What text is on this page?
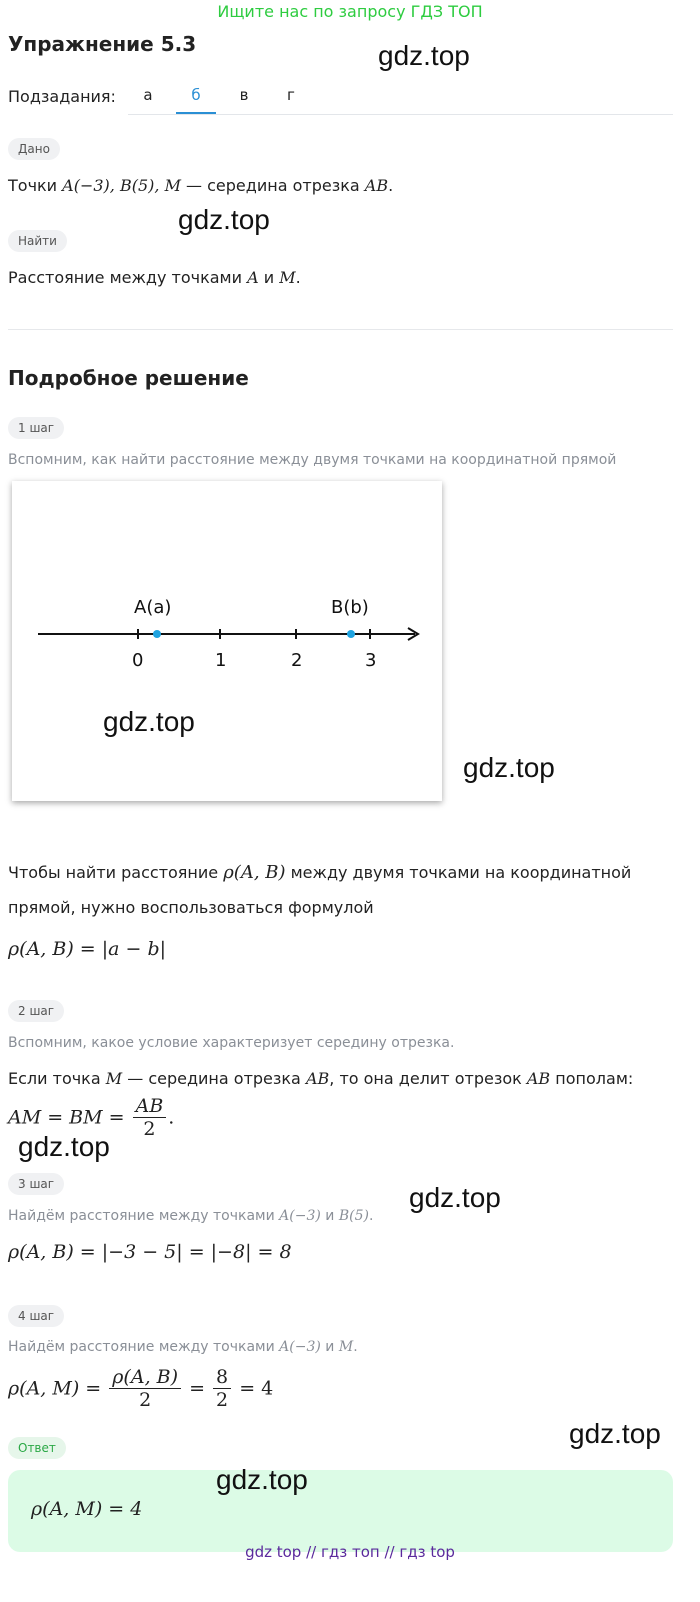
Ищите нас по запросу ГДЗ ТОП
Упражнение 5.3	gdz.top
Подзадания:	а	б	в	г
Дано
Точки A(−3), B(5), M — середина отрезка AB.
gdz.top
Найти
Расстояние между точками A и M.
Подробное решение
1 шаг
Вспомним, как найти расстояние между двумя точками на координатной прямой
A(a)	B(b)
0	1	2	3
gdz.top
gdz.top
Чтобы найти расстояние ρ(A, B) между двумя точками на координатной
прямой, нужно воспользоваться формулой
ρ(A, B) = |a − b|
2 шаг
Вспомним, какое условие характеризует середину отрезка.
Если точка M — середина отрезка AB, то она делит отрезок AB пополам:
AM = BM = $\frac{AB}{2}$ .
gdz.top
3 шаг	gdz.top
Найдём расстояние между точками A(−3) и B(5).
ρ(A, B) = |−3 − 5| = |−8| = 8
4 шаг
Найдём расстояние между точками A(−3) и M.
ρ(A, $M) = \frac{\rho(A, B)}{2} = \frac{8}{2} = 4$
Ответ	gdz.top
gdz.top
ρ(A, M) = 4
gdz top // гдз топ // гдз top
